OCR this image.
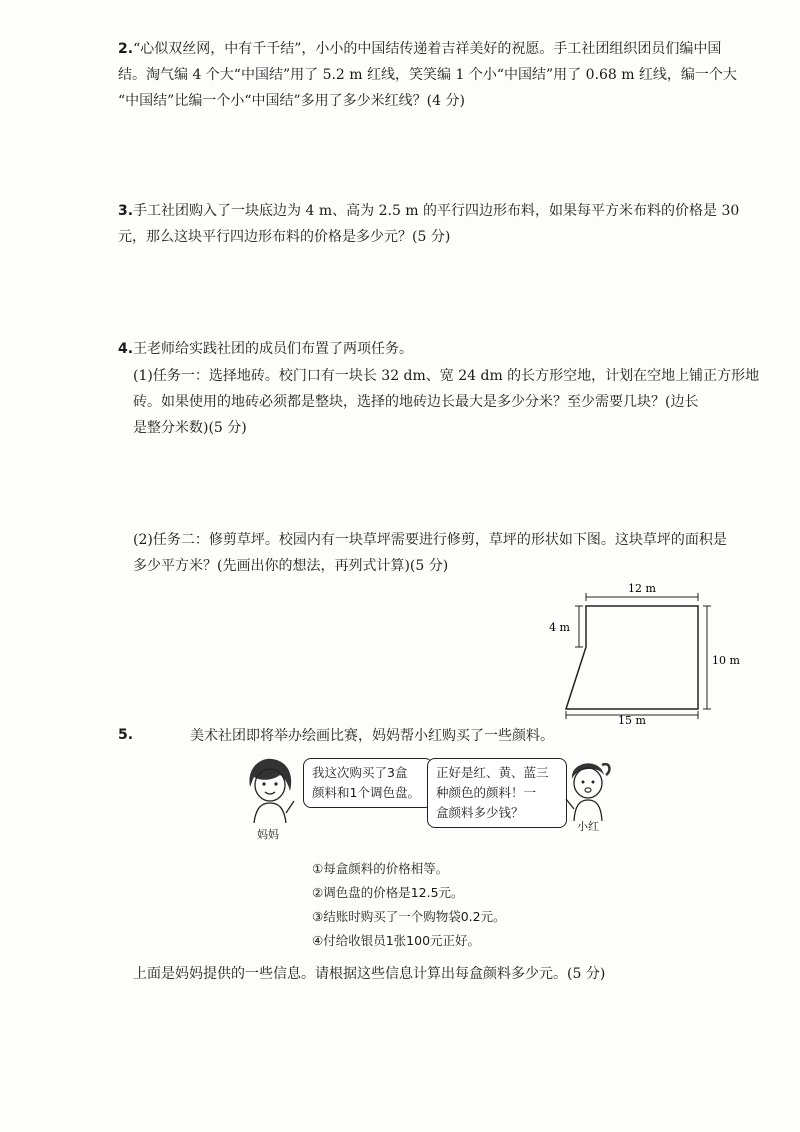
2.“心似双丝网，中有千千结”，小小的中国结传递着吉祥美好的祝愿。手工社团组织团员们编中国
结。淘气编 4 个大“中国结”用了 5.2 m 红线，笑笑编 1 个小“中国结”用了 0.68 m 红线，编一个大
“中国结”比编一个小“中国结”多用了多少米红线？(4 分)
3.手工社团购入了一块底边为 4 m、高为 2.5 m 的平行四边形布料，如果每平方米布料的价格是 30
元，那么这块平行四边形布料的价格是多少元？(5 分)
4.王老师给实践社团的成员们布置了两项任务。
(1)任务一：选择地砖。校门口有一块长 32 dm、宽 24 dm 的长方形空地，计划在空地上铺正方形地
砖。如果使用的地砖必须都是整块，选择的地砖边长最大是多少分米？至少需要几块？(边长
是整分米数)(5 分)
(2)任务二：修剪草坪。校园内有一块草坪需要进行修剪，草坪的形状如下图。这块草坪的面积是
多少平方米？(先画出你的想法，再列式计算)(5 分)
12 m
4 m
10 m
15 m
5.	美术社团即将举办绘画比赛，妈妈帮小红购买了一些颜料。
妈妈
我这次购买了3盒
颜料和1个调色盘。
正好是红、黄、蓝三
种颜色的颜料！一
盒颜料多少钱？
小红
①每盒颜料的价格相等。
②调色盘的价格是12.5元。
③结账时购买了一个购物袋0.2元。
④付给收银员1张100元正好。
上面是妈妈提供的一些信息。请根据这些信息计算出每盒颜料多少元。(5 分)
